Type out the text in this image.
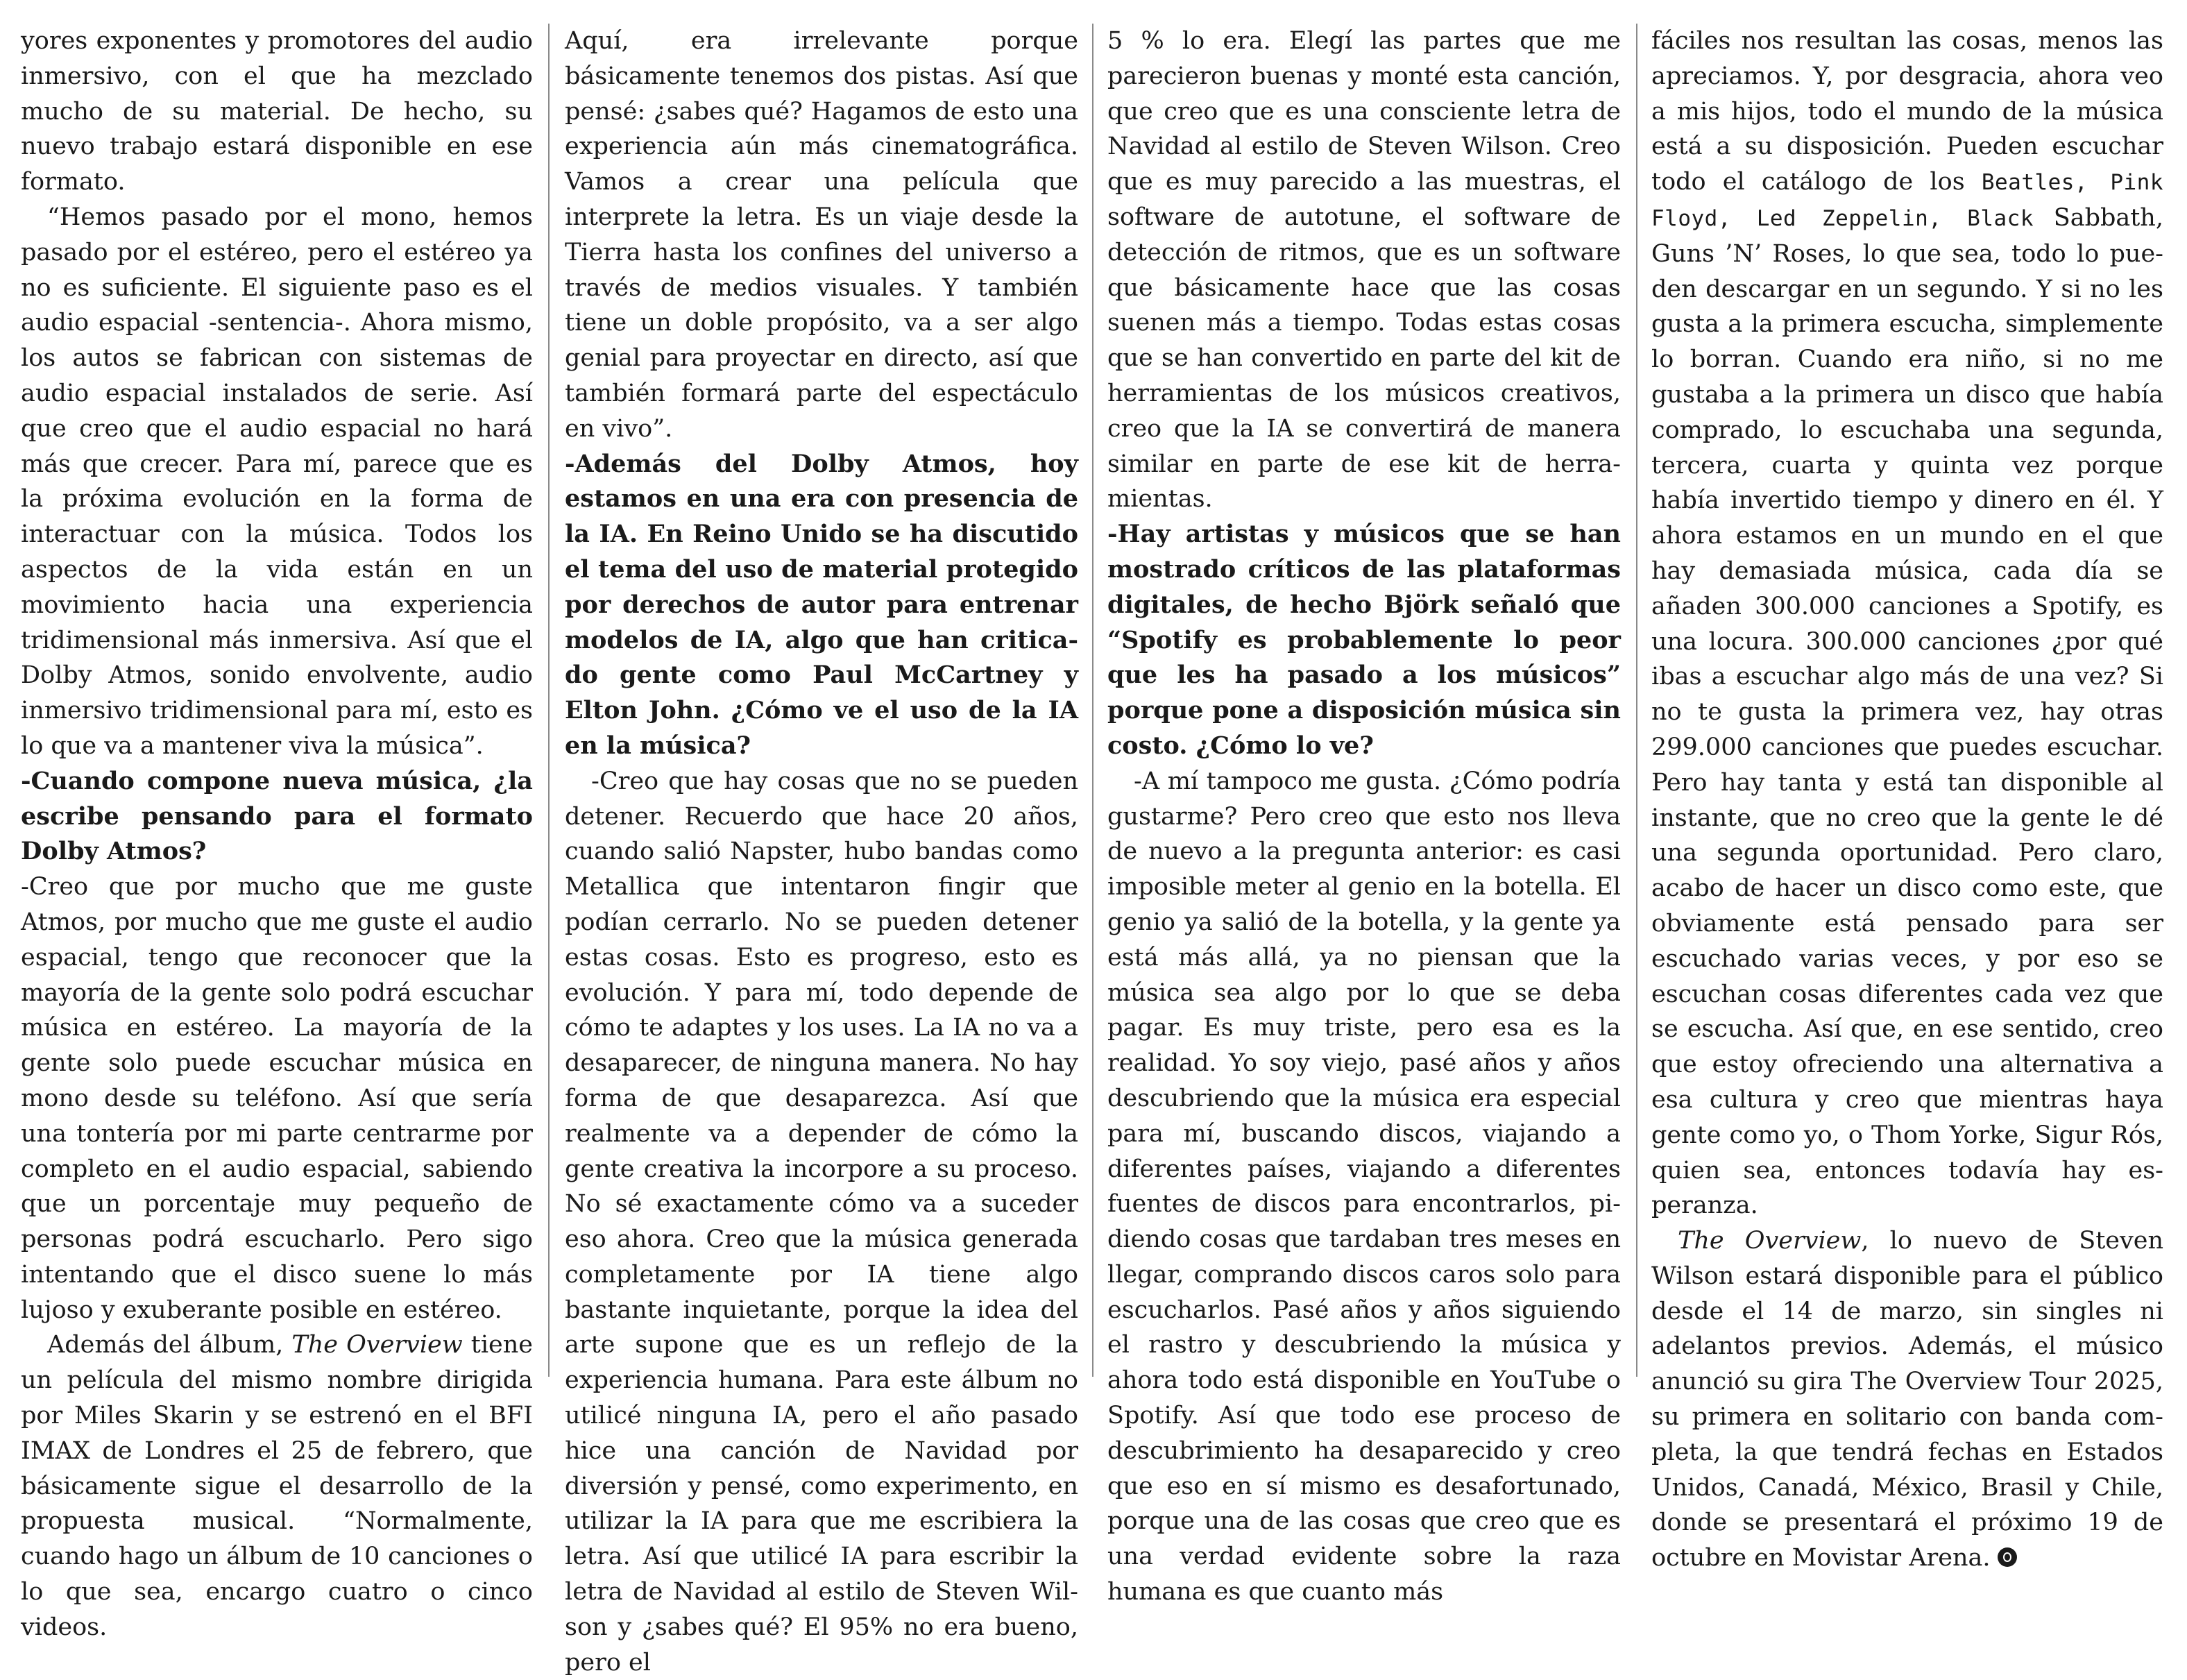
yores exponentes y promotores del audio inmersivo, con el que ha mezclado mucho de su material. De hecho, su nuevo trabajo estará disponible en ese formato.

“Hemos pasado por el mono, hemos pasado por el estéreo, pero el estéreo ya no es suficiente. El siguiente paso es el audio espacial -sentencia-. Ahora mismo, los autos se fabrican con sistemas de audio espacial instalados de serie. Así que creo que el audio espacial no hará más que crecer. Para mí, parece que es la próxima evolución en la forma de interactuar con la música. Todos los aspectos de la vida están en un movimiento hacia una experiencia tridimensional más inmersiva. Así que el Dolby Atmos, sonido envolvente, audio inmersivo tridimensional para mí, esto es lo que va a mantener viva la música”.

-Cuando compone nueva música, ¿la escribe pensando para el formato Dolby Atmos?

-Creo que por mucho que me guste Atmos, por mucho que me guste el audio espacial, tengo que reconocer que la mayoría de la gente solo podrá escuchar música en estéreo. La mayoría de la gente solo puede escuchar música en mono desde su teléfono. Así que sería una tontería por mi parte centrarme por completo en el audio espacial, sabiendo que un porcentaje muy pequeño de personas podrá escucharlo. Pero sigo intentando que el disco suene lo más lujoso y exuberante posible en estéreo.

Además del álbum, The Overview tiene un película del mismo nombre dirigida por Miles Skarin y se estrenó en el BFI IMAX de Londres el 25 de febrero, que básicamente sigue el desarrollo de la propuesta musical. “Normalmente, cuando hago un álbum de 10 canciones o lo que sea, encargo cuatro o cinco videos.

Aquí, era irrelevante porque básicamente tenemos dos pistas. Así que pensé: ¿sabes qué? Hagamos de esto una experiencia aún más cinematográfica. Vamos a crear una película que interprete la letra. Es un viaje desde la Tierra hasta los confines del universo a través de medios visuales. Y también tiene un doble propósito, va a ser algo genial para proyectar en directo, así que también formará parte del espectáculo en vivo”.

-Además del Dolby Atmos, hoy estamos en una era con presencia de la IA. En Reino Unido se ha discutido el tema del uso de material protegido por derechos de autor para entrenar modelos de IA, algo que han criticado gente como Paul McCartney y Elton John. ¿Cómo ve el uso de la IA en la música?

-Creo que hay cosas que no se pueden detener. Recuerdo que hace 20 años, cuando salió Napster, hubo bandas como Metallica que intentaron fingir que podían cerrarlo. No se pueden detener estas cosas. Esto es progreso, esto es evolución. Y para mí, todo depende de cómo te adaptes y los uses. La IA no va a desaparecer, de ninguna manera. No hay forma de que desaparezca. Así que realmente va a depender de cómo la gente creativa la incorpore a su proceso. No sé exactamente cómo va a suceder eso ahora. Creo que la música generada completamente por IA tiene algo bastante inquietante, porque la idea del arte supone que es un reflejo de la experiencia humana. Para este álbum no utilicé ninguna IA, pero el año pasado hice una canción de Navidad por diversión y pensé, como experimento, en utilizar la IA para que me escribiera la letra. Así que utilicé IA para escribir la letra de Navidad al estilo de Steven Wilson y ¿sabes qué? El 95% no era bueno, pero el

5 % lo era. Elegí las partes que me parecieron buenas y monté esta canción, que creo que es una consciente letra de Navidad al estilo de Steven Wilson. Creo que es muy parecido a las muestras, el software de autotune, el software de detección de ritmos, que es un software que básicamente hace que las cosas suenen más a tiempo. Todas estas cosas que se han convertido en parte del kit de herramientas de los músicos creativos, creo que la IA se convertirá de manera similar en parte de ese kit de herramientas.

-Hay artistas y músicos que se han mostrado críticos de las plataformas digitales, de hecho Björk señaló que “Spotify es probablemente lo peor que les ha pasado a los músicos” porque pone a disposición música sin costo. ¿Cómo lo ve?

-A mí tampoco me gusta. ¿Cómo podría gustarme? Pero creo que esto nos lleva de nuevo a la pregunta anterior: es casi imposible meter al genio en la botella. El genio ya salió de la botella, y la gente ya está más allá, ya no piensan que la música sea algo por lo que se deba pagar. Es muy triste, pero esa es la realidad. Yo soy viejo, pasé años y años descubriendo que la música era especial para mí, buscando discos, viajando a diferentes países, viajando a diferentes fuentes de discos para encontrarlos, pidiendo cosas que tardaban tres meses en llegar, comprando discos caros solo para escucharlos. Pasé años y años siguiendo el rastro y descubriendo la música y ahora todo está disponible en YouTube o Spotify. Así que todo ese proceso de descubrimiento ha desaparecido y creo que eso en sí mismo es desafortunado, porque una de las cosas que creo que es una verdad evidente sobre la raza humana es que cuanto más

fáciles nos resultan las cosas, menos las apreciamos. Y, por desgracia, ahora veo a mis hijos, todo el mundo de la música está a su disposición. Pueden escuchar todo el catálogo de los Beatles, Pink Floyd, Led Zeppelin, Black Sabbath, Guns ’N’ Roses, lo que sea, todo lo pueden descargar en un segundo. Y si no les gusta a la primera escucha, simplemente lo borran. Cuando era niño, si no me gustaba a la primera un disco que había comprado, lo escuchaba una segunda, tercera, cuarta y quinta vez porque había invertido tiempo y dinero en él. Y ahora estamos en un mundo en el que hay demasiada música, cada día se añaden 300.000 canciones a Spotify, es una locura. 300.000 canciones ¿por qué ibas a escuchar algo más de una vez? Si no te gusta la primera vez, hay otras 299.000 canciones que puedes escuchar. Pero hay tanta y está tan disponible al instante, que no creo que la gente le dé una segunda oportunidad. Pero claro, acabo de hacer un disco como este, que obviamente está pensado para ser escuchado varias veces, y por eso se escuchan cosas diferentes cada vez que se escucha. Así que, en ese sentido, creo que estoy ofreciendo una alternativa a esa cultura y creo que mientras haya gente como yo, o Thom Yorke, Sigur Rós, quien sea, entonces todavía hay esperanza.

The Overview, lo nuevo de Steven Wilson estará disponible para el público desde el 14 de marzo, sin singles ni adelantos previos. Además, el músico anunció su gira The Overview Tour 2025, su primera en solitario con banda completa, la que tendrá fechas en Estados Unidos, Canadá, México, Brasil y Chile, donde se presentará el próximo 19 de octubre en Movistar Arena.
